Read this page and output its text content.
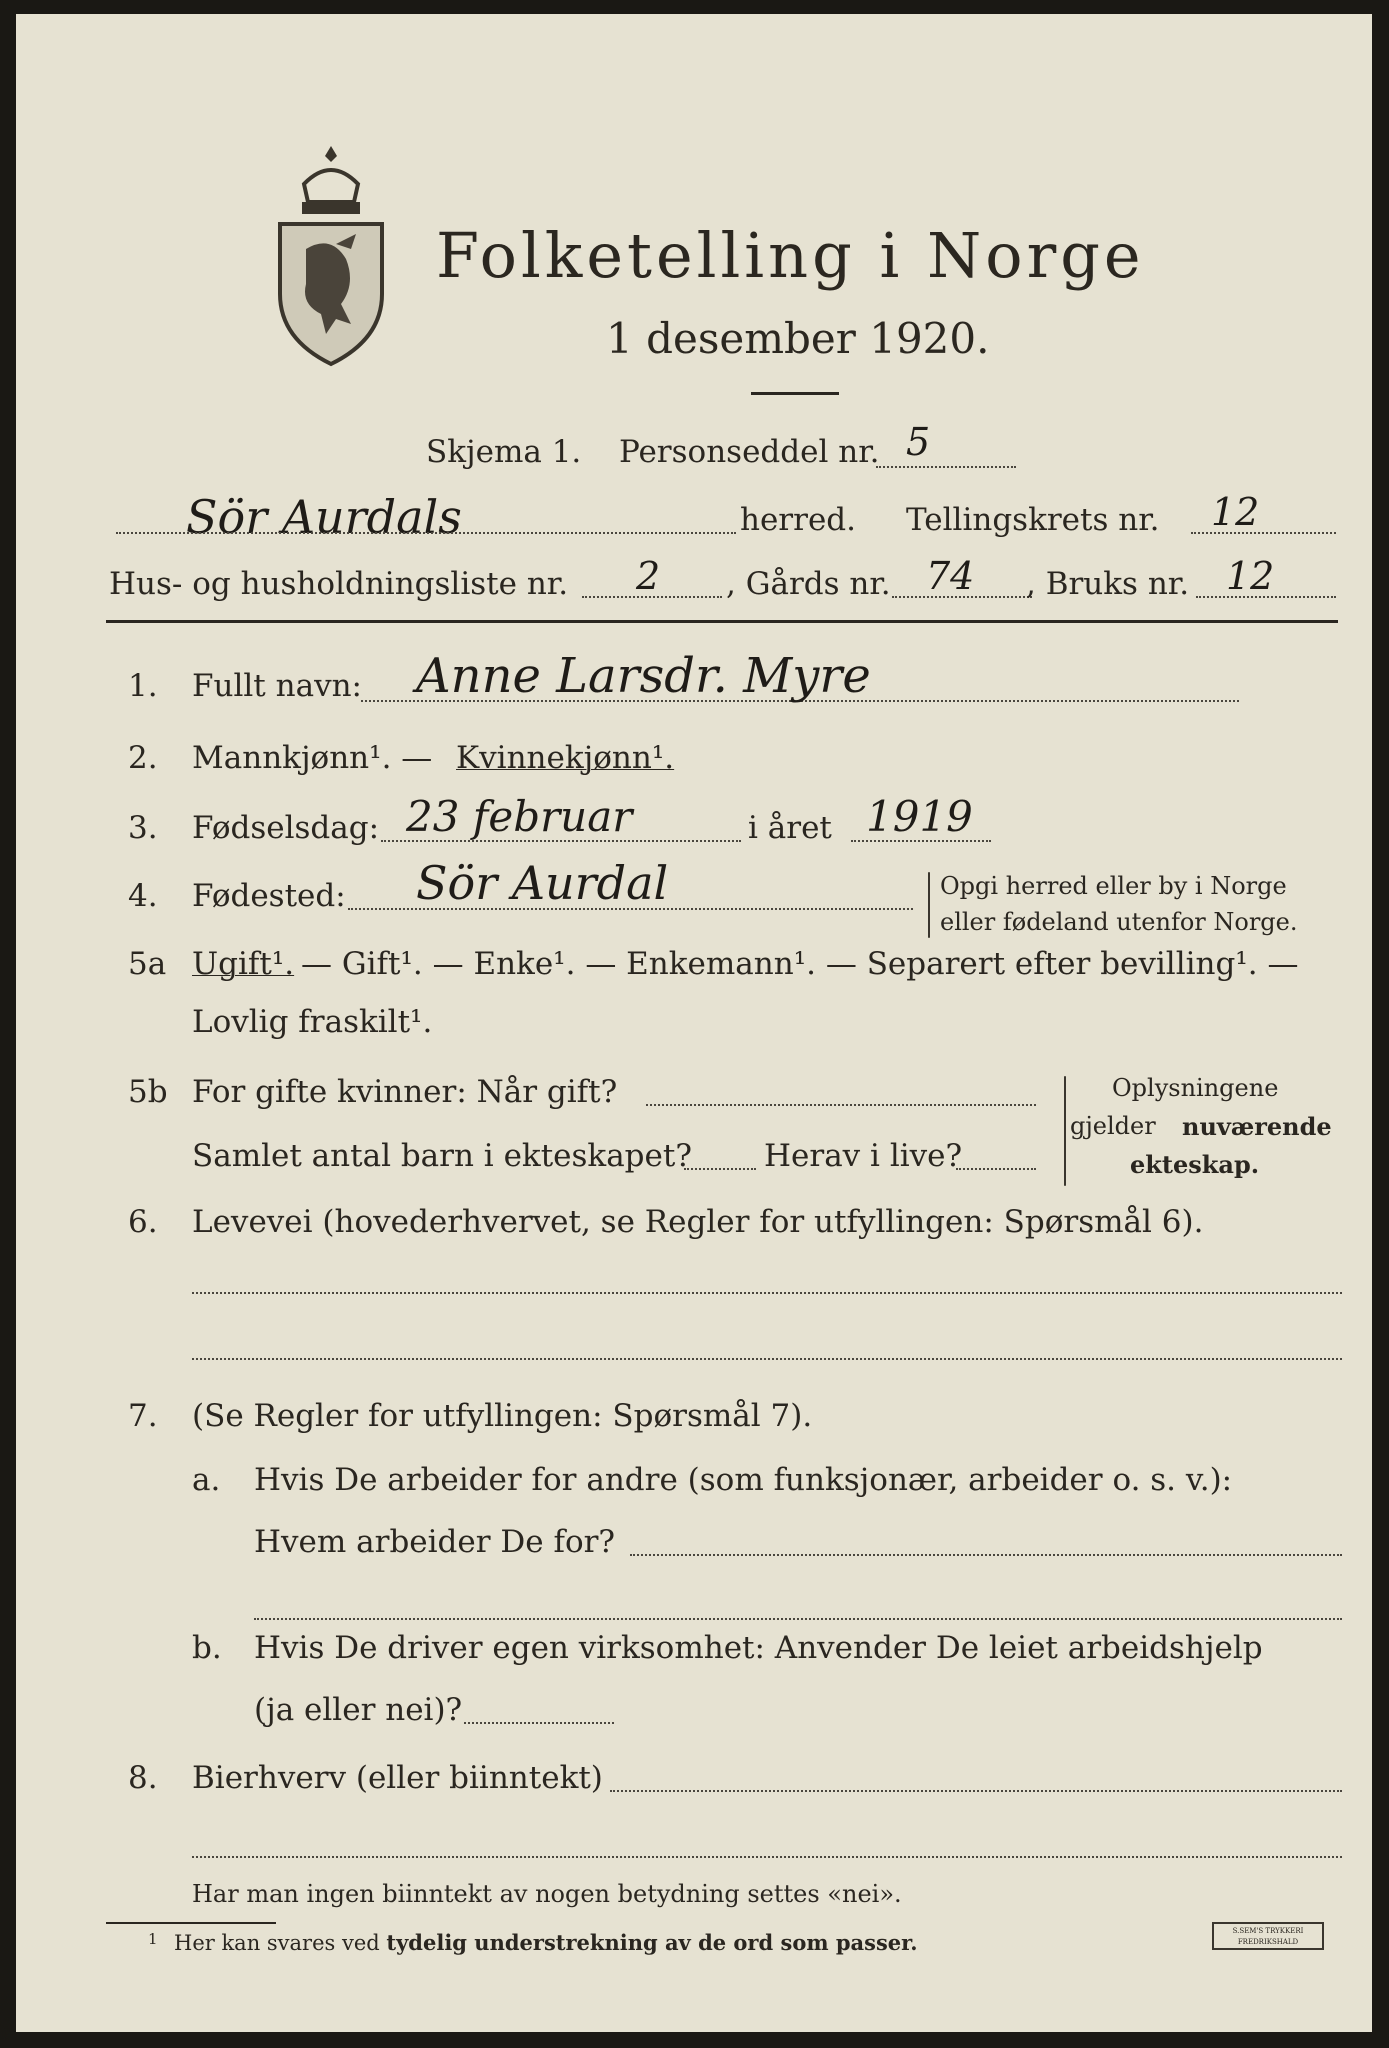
Folketelling i Norge
1 desember 1920.
Skjema 1. Personseddel nr. 5
Sör Aurdals	herred. Tellingskrets nr. 12
Hus- og husholdningsliste nr. 2 , Gårds nr. 74 , Bruks nr. 12
1. Fullt navn: Anne Larsdr. Myre
2. Mannkjønn¹. — Kvinnekjønn¹.
3. Fødselsdag: 23 februar	i året 1919
4. Fødested: Sör Aurdal	Opgi herred eller by i Norge
eller fødeland utenfor Norge.
5a Ugift¹. — Gift¹. — Enke¹. — Enkemann¹. — Separert efter bevilling¹. —
Lovlig fraskilt¹.
5b For gifte kvinner: Når gift?
Samlet antal barn i ekteskapet? Herav i live?
Oplysningene
gjelder nuværende
ekteskap.
6. Levevei (hovederhvervet, se Regler for utfyllingen: Spørsmål 6).
7. (Se Regler for utfyllingen: Spørsmål 7).
a. Hvis De arbeider for andre (som funksjonær, arbeider o. s. v.):
Hvem arbeider De for?
b. Hvis De driver egen virksomhet: Anvender De leiet arbeidshjelp
(ja eller nei)?
8. Bierhverv (eller biinntekt)
Har man ingen biinntekt av nogen betydning settes «nei».
1 Her kan svares ved tydelig understrekning av de ord som passer.	S.SEM'S TRYKKERI
FREDRIKSHALD
